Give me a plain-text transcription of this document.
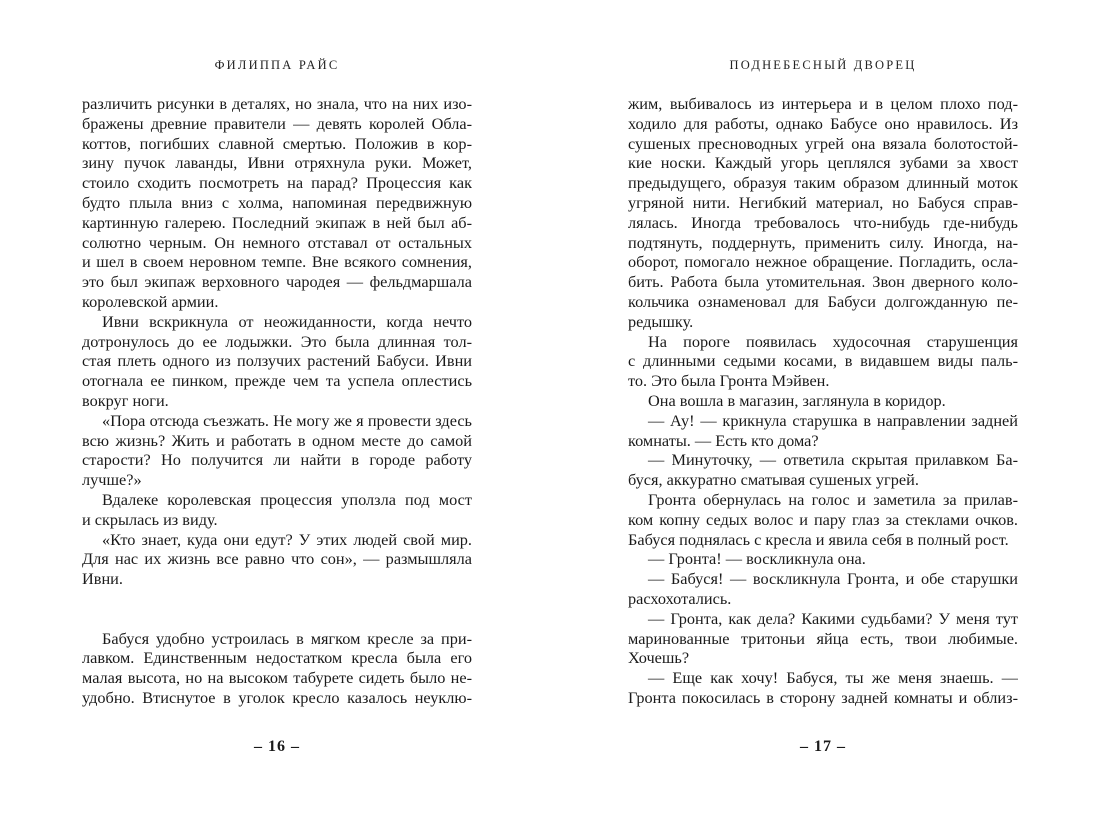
ФИЛИППА РАЙС
различить рисунки в деталях, но знала, что на них изо-
бражены древние правители — девять королей Обла-
коттов, погибших славной смертью. Положив в кор-
зину пучок лаванды, Ивни отряхнула руки. Может,
стоило сходить посмотреть на парад? Процессия как
будто плыла вниз с холма, напоминая передвижную
картинную галерею. Последний экипаж в ней был аб-
солютно черным. Он немного отставал от остальных
и шел в своем неровном темпе. Вне всякого сомнения,
это был экипаж верховного чародея — фельдмаршала
королевской армии.
Ивни вскрикнула от неожиданности, когда нечто
дотронулось до ее лодыжки. Это была длинная тол-
стая плеть одного из ползучих растений Бабуси. Ивни
отогнала ее пинком, прежде чем та успела оплестись
вокруг ноги.
«Пора отсюда съезжать. Не могу же я провести здесь
всю жизнь? Жить и работать в одном месте до самой
старости? Но получится ли найти в городе работу
лучше?»
Вдалеке королевская процессия уползла под мост
и скрылась из виду.
«Кто знает, куда они едут? У этих людей свой мир.
Для нас их жизнь все равно что сон», — размышляла
Ивни.
Бабуся удобно устроилась в мягком кресле за при-
лавком. Единственным недостатком кресла была его
малая высота, но на высоком табурете сидеть было не-
удобно. Втиснутое в уголок кресло казалось неуклю-
– 16 –
ПОДНЕБЕСНЫЙ ДВОРЕЦ
жим, выбивалось из интерьера и в целом плохо под-
ходило для работы, однако Бабусе оно нравилось. Из
сушеных пресноводных угрей она вязала болотостой-
кие носки. Каждый угорь цеплялся зубами за хвост
предыдущего, образуя таким образом длинный моток
угряной нити. Негибкий материал, но Бабуся справ-
лялась. Иногда требовалось что-нибудь где-нибудь
подтянуть, поддернуть, применить силу. Иногда, на-
оборот, помогало нежное обращение. Погладить, осла-
бить. Работа была утомительная. Звон дверного коло-
кольчика ознаменовал для Бабуси долгожданную пе-
редышку.
На пороге появилась худосочная старушенция
с длинными седыми косами, в видавшем виды паль-
то. Это была Гронта Мэйвен.
Она вошла в магазин, заглянула в коридор.
— Ау! — крикнула старушка в направлении задней
комнаты. — Есть кто дома?
— Минуточку, — ответила скрытая прилавком Ба-
буся, аккуратно сматывая сушеных угрей.
Гронта обернулась на голос и заметила за прилав-
ком копну седых волос и пару глаз за стеклами очков.
Бабуся поднялась с кресла и явила себя в полный рост.
— Гронта! — воскликнула она.
— Бабуся! — воскликнула Гронта, и обе старушки
расхохотались.
— Гронта, как дела? Какими судьбами? У меня тут
маринованные тритоньи яйца есть, твои любимые.
Хочешь?
— Еще как хочу! Бабуся, ты же меня знаешь. —
Гронта покосилась в сторону задней комнаты и облиз-
– 17 –
